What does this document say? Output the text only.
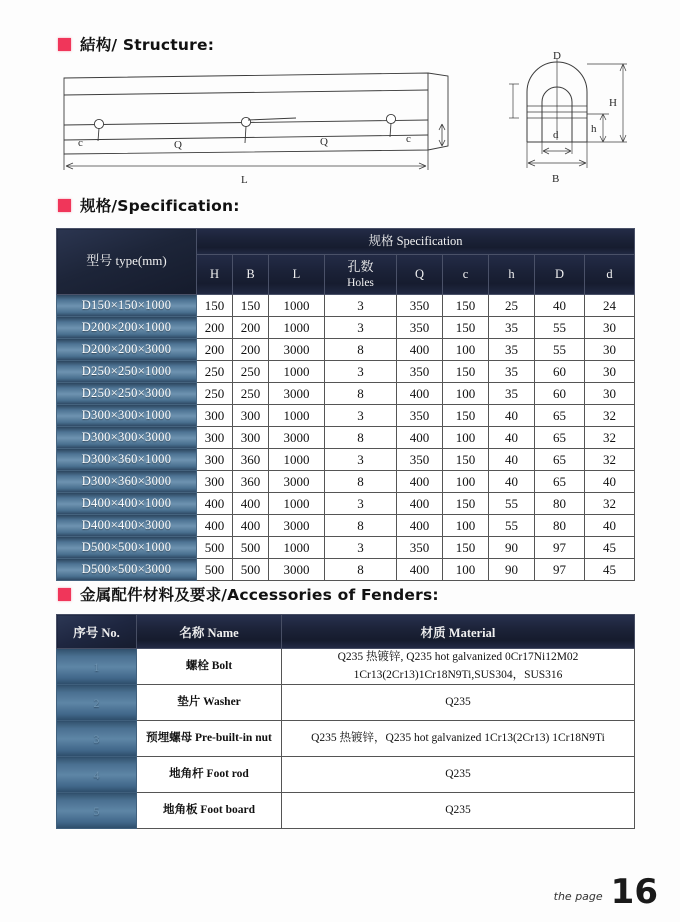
結构/ Structure:
c	Q	Q	c
L
D
d
H
h
B
规格/Specification:
型号 type(mm)	规格 Specification								
	H	B	L	孔数
Holes	Q	c	h	D	d
D150×150×1000	150	150	1000	3	350	150	25	40	24
D200×200×1000	200	200	1000	3	350	150	35	55	30
D200×200×3000	200	200	3000	8	400	100	35	55	30
D250×250×1000	250	250	1000	3	350	150	35	60	30
D250×250×3000	250	250	3000	8	400	100	35	60	30
D300×300×1000	300	300	1000	3	350	150	40	65	32
D300×300×3000	300	300	3000	8	400	100	40	65	32
D300×360×1000	300	360	1000	3	350	150	40	65	32
D300×360×3000	300	360	3000	8	400	100	40	65	40
D400×400×1000	400	400	1000	3	400	150	55	80	32
D400×400×3000	400	400	3000	8	400	100	55	80	40
D500×500×1000	500	500	1000	3	350	150	90	97	45
D500×500×3000	500	500	3000	8	400	100	90	97	45
金属配件材料及要求/Accessories of Fenders:
序号 No.	名称 Name	材质 Material
1	螺栓 Bolt	Q235 热镀锌, Q235 hot galvanized 0Cr17Ni12M02
1Cr13(2Cr13)1Cr18N9Ti,SUS304，SUS316

2	垫片 Washer	Q235

3	预埋螺母 Pre-built-in nut	Q235 热镀锌，Q235 hot galvanized 1Cr13(2Cr13) 1Cr18N9Ti

4	地角杆 Foot rod	Q235

5	地角板 Foot board	Q235
the page 16
